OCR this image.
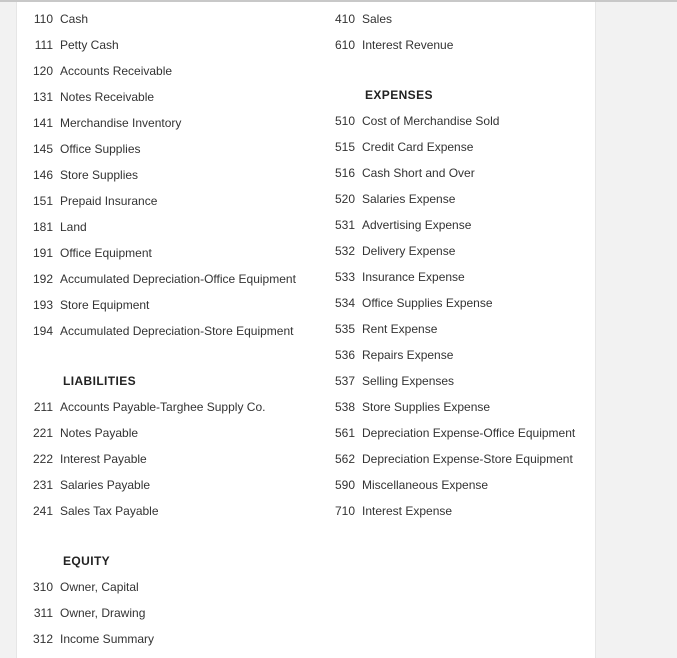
110 Cash
111 Petty Cash
120 Accounts Receivable
131 Notes Receivable
141 Merchandise Inventory
145 Office Supplies
146 Store Supplies
151 Prepaid Insurance
181 Land
191 Office Equipment
192 Accumulated Depreciation-Office Equipment
193 Store Equipment
194 Accumulated Depreciation-Store Equipment
LIABILITIES
211 Accounts Payable-Targhee Supply Co.
221 Notes Payable
222 Interest Payable
231 Salaries Payable
241 Sales Tax Payable
EQUITY
310 Owner, Capital
311 Owner, Drawing
312 Income Summary
410 Sales
610 Interest Revenue
EXPENSES
510 Cost of Merchandise Sold
515 Credit Card Expense
516 Cash Short and Over
520 Salaries Expense
531 Advertising Expense
532 Delivery Expense
533 Insurance Expense
534 Office Supplies Expense
535 Rent Expense
536 Repairs Expense
537 Selling Expenses
538 Store Supplies Expense
561 Depreciation Expense-Office Equipment
562 Depreciation Expense-Store Equipment
590 Miscellaneous Expense
710 Interest Expense
